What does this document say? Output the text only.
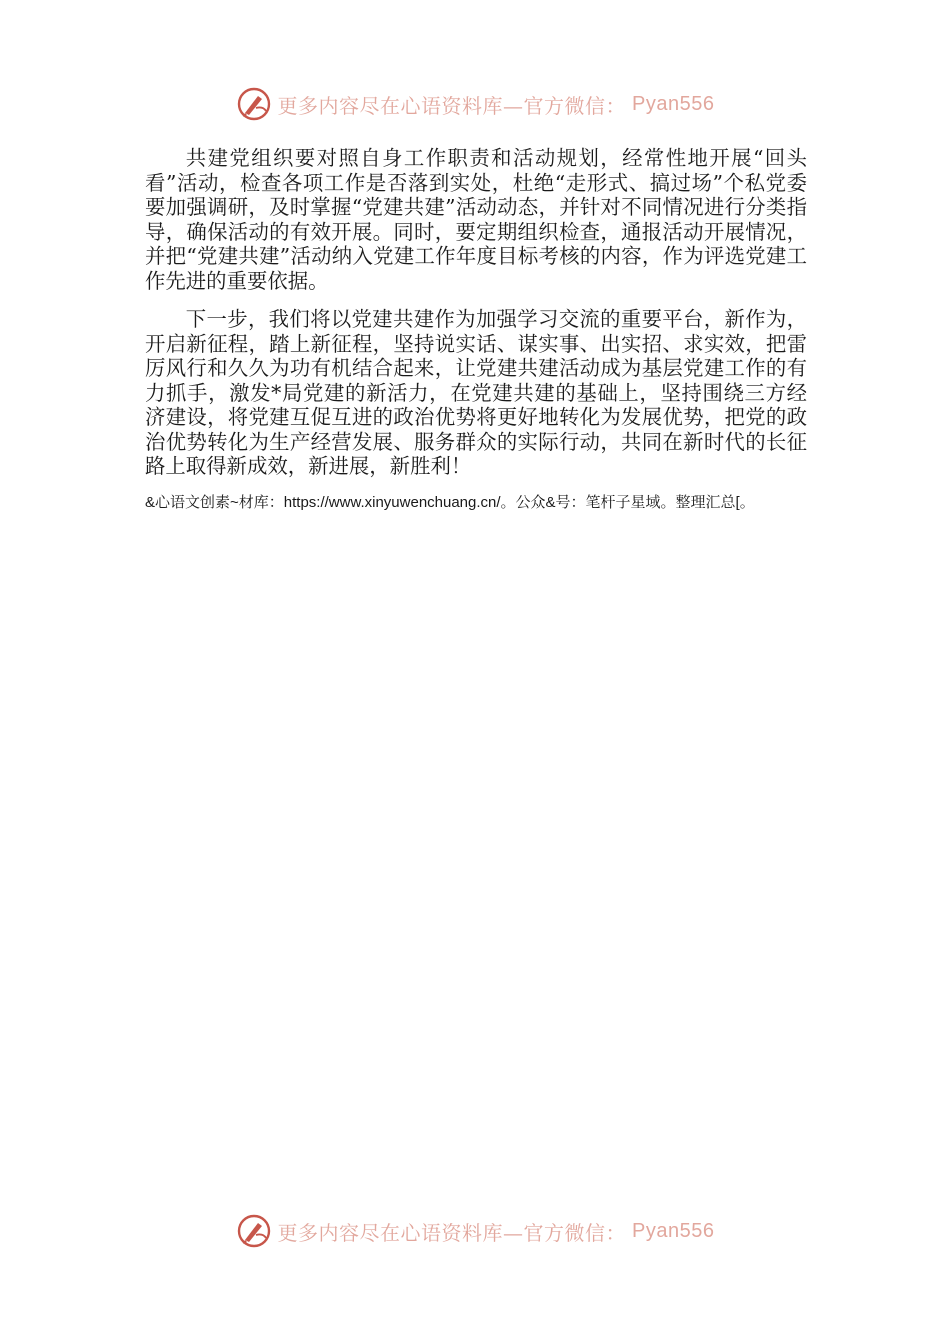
更多内容尽在心语资料库—官方微信： Pyan556

共建党组织要对照自身工作职责和活动规划，经常性地开展“回头看”活动，检查各项工作是否落到实处，杜绝“走形式、搞过场”个私党委要加强调研，及时掌握“党建共建”活动动态，并针对不同情况进行分类指导，确保活动的有效开展。同时，要定期组织检查，通报活动开展情况，并把“党建共建”活动纳入党建工作年度目标考核的内容，作为评选党建工作先进的重要依据。

下一步，我们将以党建共建作为加强学习交流的重要平台，新作为，开启新征程，踏上新征程，坚持说实话、谋实事、出实招、求实效，把雷厉风行和久久为功有机结合起来，让党建共建活动成为基层党建工作的有力抓手，激发*局党建的新活力，在党建共建的基础上，坚持围绕三方经济建设，将党建互促互进的政治优势将更好地转化为发展优势，把党的政治优势转化为生产经营发展、服务群众的实际行动，共同在新时代的长征路上取得新成效，新进展，新胜利！

&心语文创素~材库：https://www.xinyuwenchuang.cn/。公众&号：笔杆子星域。整理汇总[。
更多内容尽在心语资料库—官方微信： Pyan556
